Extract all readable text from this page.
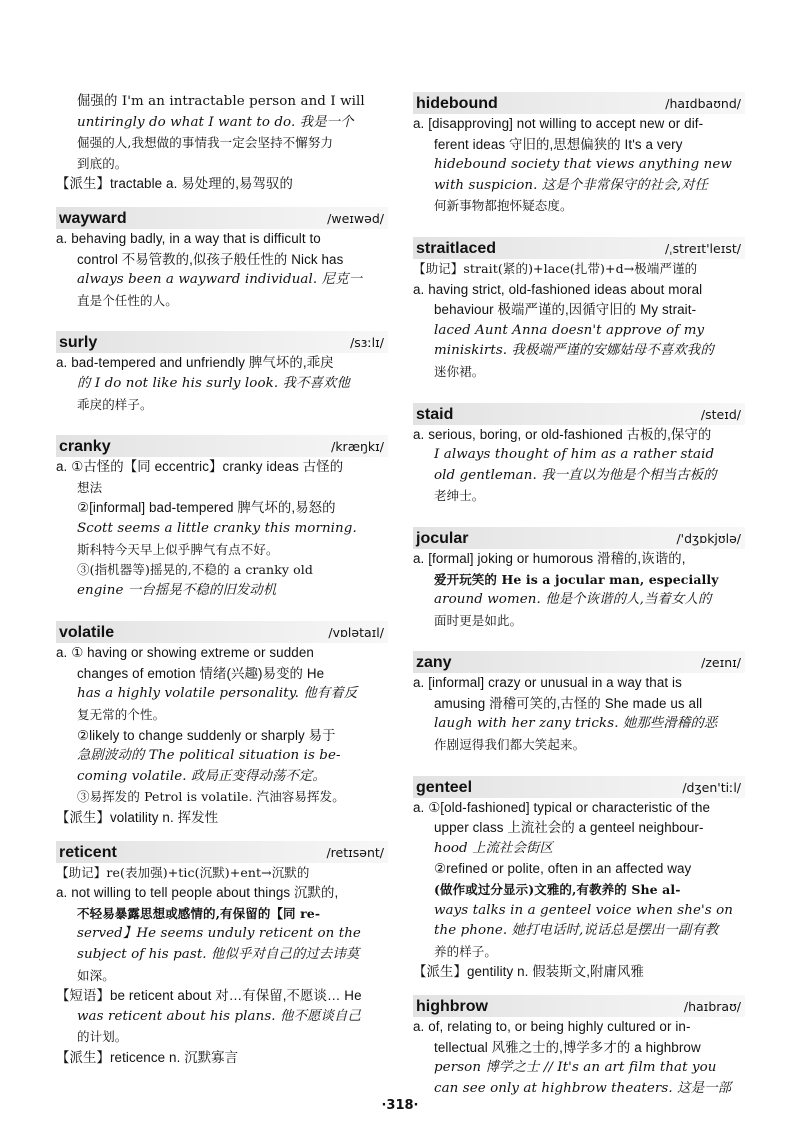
倔强的 I'm an intractable person and I will

untiringly do what I want to do. 我是一个

倔强的人,我想做的事情我一定会坚持不懈努力

到底的。

【派生】tractable a. 易处理的,易驾驭的

wayward	/weɪwəd/

a. behaving badly, in a way that is difficult to

control 不易管教的,似孩子般任性的 Nick has

always been a wayward individual. 尼克一

直是个任性的人。

surly	/sɜːlɪ/

a. bad-tempered and unfriendly 脾气坏的,乖戾

的 I do not like his surly look. 我不喜欢他

乖戾的样子。

cranky	/kræŋkɪ/

a. ①古怪的【同 eccentric】cranky ideas 古怪的

想法

②[informal] bad-tempered 脾气坏的,易怒的

Scott seems a little cranky this morning.

斯科特今天早上似乎脾气有点不好。

③(指机器等)摇晃的,不稳的 a cranky old

engine 一台摇晃不稳的旧发动机

volatile	/vɒlətaɪl/

a. ① having or showing extreme or sudden

changes of emotion 情绪(兴趣)易变的 He

has a highly volatile personality. 他有着反

复无常的个性。

②likely to change suddenly or sharply 易于

急剧波动的 The political situation is be-

coming volatile. 政局正变得动荡不定。

③易挥发的 Petrol is volatile. 汽油容易挥发。

【派生】volatility n. 挥发性

reticent	/retɪsənt/

【助记】re(表加强)+tic(沉默)+ent→沉默的

a. not willing to tell people about things 沉默的,

不轻易暴露思想或感情的,有保留的【同 re-

served】He seems unduly reticent on the

subject of his past. 他似乎对自己的过去讳莫

如深。

【短语】be reticent about 对…有保留,不愿谈… He

was reticent about his plans. 他不愿谈自己

的计划。

【派生】reticence n. 沉默寡言

hidebound	/haɪdbaʊnd/

a. [disapproving] not willing to accept new or dif-

ferent ideas 守旧的,思想偏狭的 It's a very

hidebound society that views anything new

with suspicion. 这是个非常保守的社会,对任

何新事物都抱怀疑态度。

straitlaced	/ˌstreɪt'leɪst/

【助记】strait(紧的)+lace(扎带)+d→极端严谨的

a. having strict, old-fashioned ideas about moral

behaviour 极端严谨的,因循守旧的 My strait-

laced Aunt Anna doesn't approve of my

miniskirts. 我极端严谨的安娜姑母不喜欢我的

迷你裙。

staid	/steɪd/

a. serious, boring, or old-fashioned 古板的,保守的

I always thought of him as a rather staid

old gentleman. 我一直以为他是个相当古板的

老绅士。

jocular	/'dʒɒkjʊlə/

a. [formal] joking or humorous 滑稽的,诙谐的,

爱开玩笑的 He is a jocular man, especially

around women. 他是个诙谐的人,当着女人的

面时更是如此。

zany	/zeɪnɪ/

a. [informal] crazy or unusual in a way that is

amusing 滑稽可笑的,古怪的 She made us all

laugh with her zany tricks. 她那些滑稽的恶

作剧逗得我们都大笑起来。

genteel	/dʒen'tiːl/

a. ①[old-fashioned] typical or characteristic of the

upper class 上流社会的 a genteel neighbour-

hood 上流社会街区

②refined or polite, often in an affected way

(做作或过分显示)文雅的,有教养的 She al-

ways talks in a genteel voice when she's on

the phone. 她打电话时,说话总是摆出一副有教

养的样子。

【派生】gentility n. 假装斯文,附庸风雅

highbrow	/haɪbraʊ/

a. of, relating to, or being highly cultured or in-

tellectual 风雅之士的,博学多才的 a highbrow

person 博学之士 // It's an art film that you

can see only at highbrow theaters. 这是一部

·318·
